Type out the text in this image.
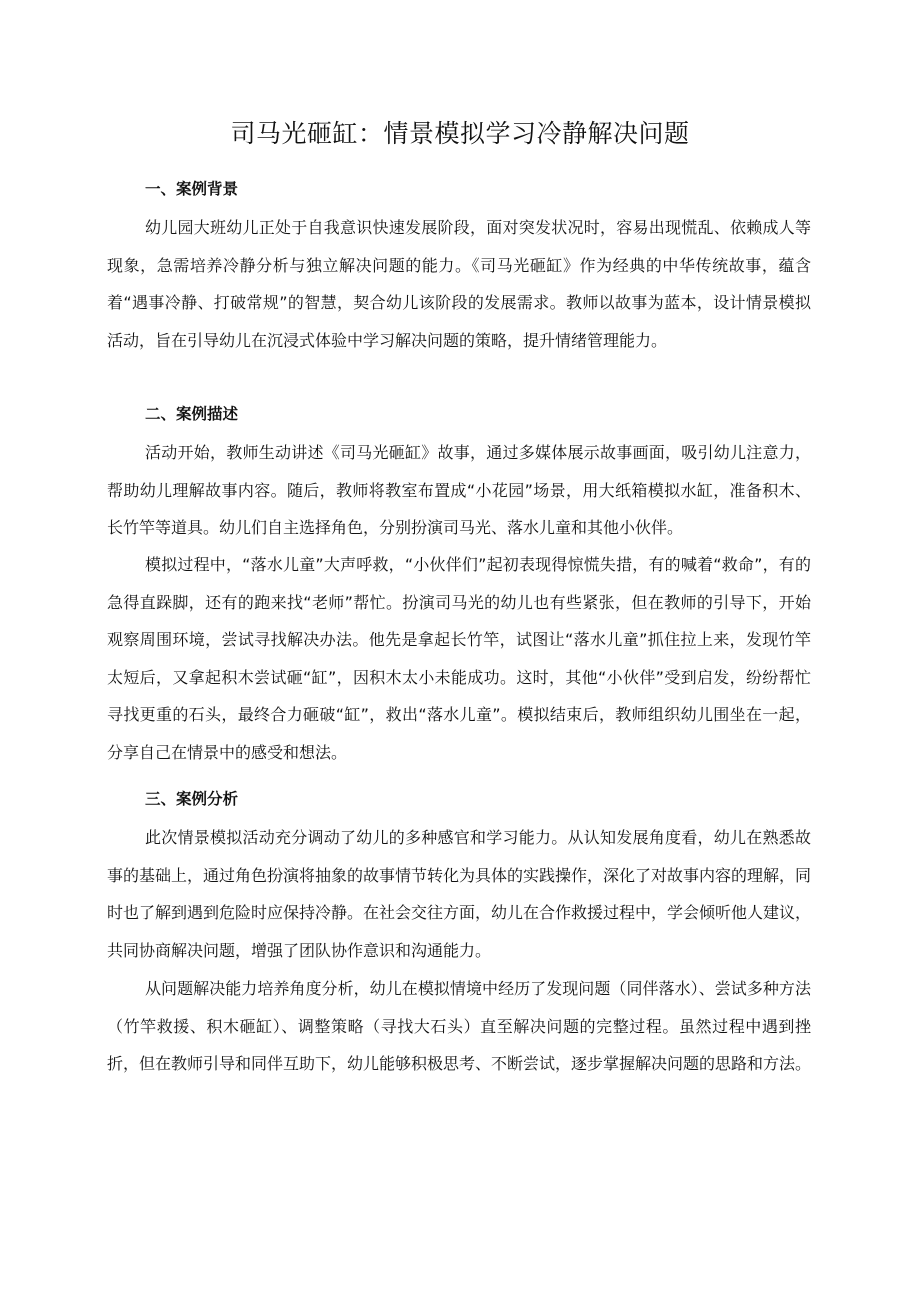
司马光砸缸：情景模拟学习冷静解决问题
一、案例背景

幼儿园大班幼儿正处于自我意识快速发展阶段，面对突发状况时，容易出现慌乱、依赖成人等现象，急需培养冷静分析与独立解决问题的能力。《司马光砸缸》作为经典的中华传统故事，蕴含着“遇事冷静、打破常规”的智慧，契合幼儿该阶段的发展需求。教师以故事为蓝本，设计情景模拟活动，旨在引导幼儿在沉浸式体验中学习解决问题的策略，提升情绪管理能力。

二、案例描述

活动开始，教师生动讲述《司马光砸缸》故事，通过多媒体展示故事画面，吸引幼儿注意力，帮助幼儿理解故事内容。随后，教师将教室布置成“小花园”场景，用大纸箱模拟水缸，准备积木、长竹竿等道具。幼儿们自主选择角色，分别扮演司马光、落水儿童和其他小伙伴。

模拟过程中，“落水儿童”大声呼救，“小伙伴们”起初表现得惊慌失措，有的喊着“救命”，有的急得直跺脚，还有的跑来找“老师”帮忙。扮演司马光的幼儿也有些紧张，但在教师的引导下，开始观察周围环境，尝试寻找解决办法。他先是拿起长竹竿，试图让“落水儿童”抓住拉上来，发现竹竿太短后，又拿起积木尝试砸“缸”，因积木太小未能成功。这时，其他“小伙伴”受到启发，纷纷帮忙寻找更重的石头，最终合力砸破“缸”，救出“落水儿童”。模拟结束后，教师组织幼儿围坐在一起，分享自己在情景中的感受和想法。

三、案例分析

此次情景模拟活动充分调动了幼儿的多种感官和学习能力。从认知发展角度看，幼儿在熟悉故事的基础上，通过角色扮演将抽象的故事情节转化为具体的实践操作，深化了对故事内容的理解，同时也了解到遇到危险时应保持冷静。在社会交往方面，幼儿在合作救援过程中，学会倾听他人建议，共同协商解决问题，增强了团队协作意识和沟通能力。

从问题解决能力培养角度分析，幼儿在模拟情境中经历了发现问题（同伴落水）、尝试多种方法（竹竿救援、积木砸缸）、调整策略（寻找大石头）直至解决问题的完整过程。虽然过程中遇到挫折，但在教师引导和同伴互助下，幼儿能够积极思考、不断尝试，逐步掌握解决问题的思路和方法。
